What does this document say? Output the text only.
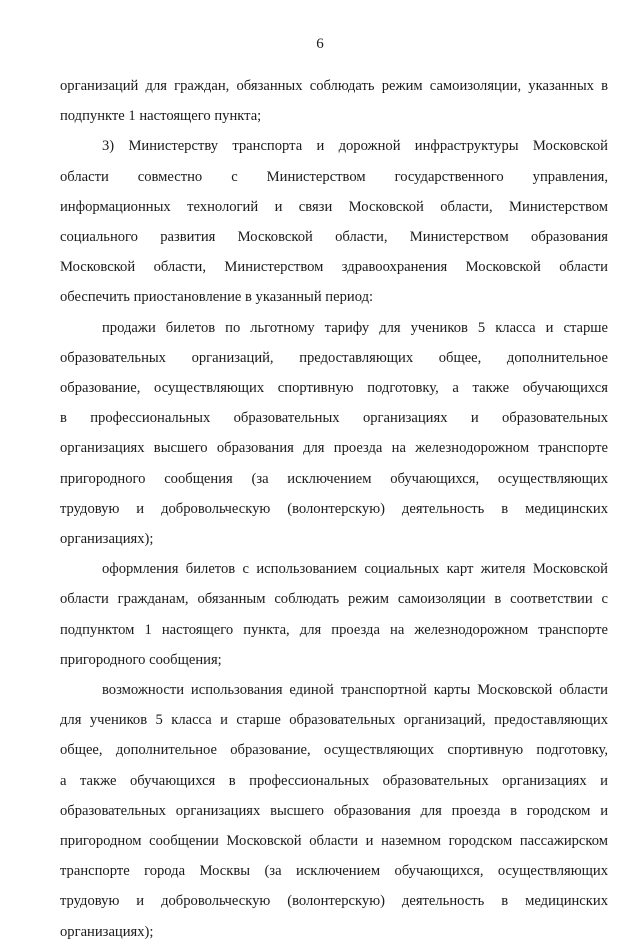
6
организаций для граждан, обязанных соблюдать режим самоизоляции, указанных в
подпункте 1 настоящего пункта;
3) Министерству транспорта и дорожной инфраструктуры Московской
области совместно с Министерством государственного управления,
информационных технологий и связи Московской области, Министерством
социального развития Московской области, Министерством образования
Московской области, Министерством здравоохранения Московской области
обеспечить приостановление в указанный период:
продажи билетов по льготному тарифу для учеников 5 класса и старше
образовательных организаций, предоставляющих общее, дополнительное
образование, осуществляющих спортивную подготовку, а также обучающихся
в профессиональных образовательных организациях и образовательных
организациях высшего образования для проезда на железнодорожном транспорте
пригородного сообщения (за исключением обучающихся, осуществляющих
трудовую и добровольческую (волонтерскую) деятельность в медицинских
организациях);
оформления билетов с использованием социальных карт жителя Московской
области гражданам, обязанным соблюдать режим самоизоляции в соответствии с
подпунктом 1 настоящего пункта, для проезда на железнодорожном транспорте
пригородного сообщения;
возможности использования единой транспортной карты Московской области
для учеников 5 класса и старше образовательных организаций, предоставляющих
общее, дополнительное образование, осуществляющих спортивную подготовку,
а также обучающихся в профессиональных образовательных организациях и
образовательных организациях высшего образования для проезда в городском и
пригородном сообщении Московской области и наземном городском пассажирском
транспорте города Москвы (за исключением обучающихся, осуществляющих
трудовую и добровольческую (волонтерскую) деятельность в медицинских
организациях);
